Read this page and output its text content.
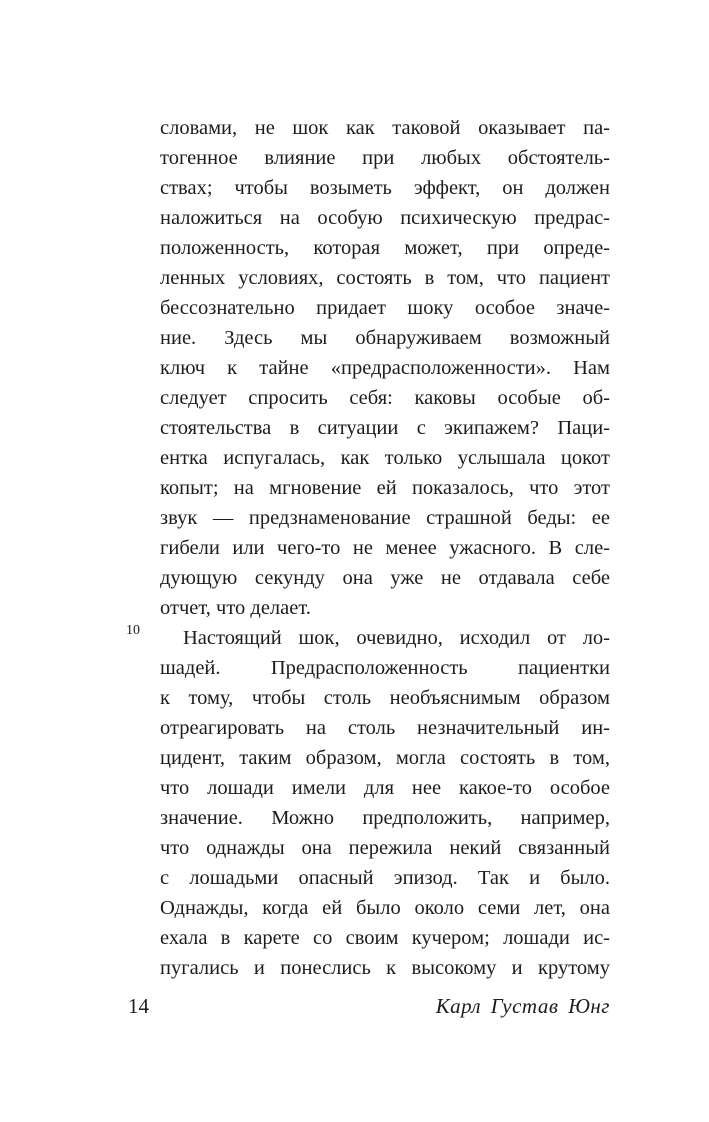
10
словами, не шок как таковой оказывает па-
тогенное влияние при любых обстоятель-
ствах; чтобы возыметь эффект, он должен
наложиться на особую психическую предрас-
положенность, которая может, при опреде-
ленных условиях, состоять в том, что пациент
бессознательно придает шоку особое значе-
ние. Здесь мы обнаруживаем возможный
ключ к тайне «предрасположенности». Нам
следует спросить себя: каковы особые об-
стоятельства в ситуации с экипажем? Паци-
ентка испугалась, как только услышала цокот
копыт; на мгновение ей показалось, что этот
звук — предзнаменование страшной беды: ее
гибели или чего-то не менее ужасного. В сле-
дующую секунду она уже не отдавала себе
отчет, что делает.
Настоящий шок, очевидно, исходил от ло-
шадей. Предрасположенность пациентки
к тому, чтобы столь необъяснимым образом
отреагировать на столь незначительный ин-
цидент, таким образом, могла состоять в том,
что лошади имели для нее какое-то особое
значение. Можно предположить, например,
что однажды она пережила некий связанный
с лошадьми опасный эпизод. Так и было.
Однажды, когда ей было около семи лет, она
ехала в карете со своим кучером; лошади ис-
пугались и понеслись к высокому и крутому
14	Карл Густав Юнг
